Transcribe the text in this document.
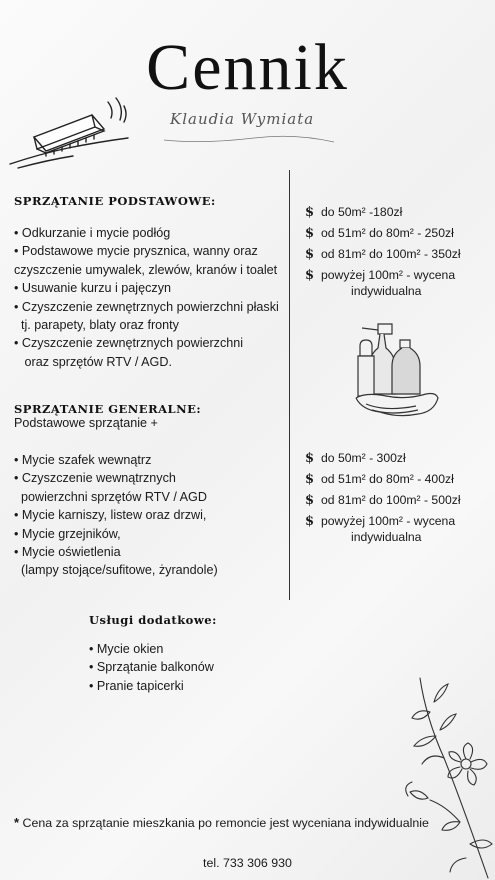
Cennik
Klaudia Wymiata
SPRZĄTANIE PODSTAWOWE:
• Odkurzanie i mycie podłóg
• Podstawowe mycie prysznica, wanny oraz
czyszczenie umywalek, zlewów, kranów i toalet
• Usuwanie kurzu i pajęczyn
• Czyszczenie zewnętrznych powierzchni płaski
tj. parapety, blaty oraz fronty
• Czyszczenie zewnętrznych powierzchni
oraz sprzętów RTV / AGD.
$ do 50m² -180zł
$ od 51m² do 80m² - 250zł
$ od 81m² do 100m² - 350zł
$ powyżej 100m² - wycena
indywidualna
SPRZĄTANIE GENERALNE:
Podstawowe sprzątanie +
• Mycie szafek wewnątrz
• Czyszczenie wewnątrznych
powierzchni sprzętów RTV / AGD
• Mycie karniszy, listew oraz drzwi,
• Mycie grzejników,
• Mycie oświetlenia
(lampy stojące/sufitowe, żyrandole)
$ do 50m² - 300zł
$ od 51m² do 80m² - 400zł
$ od 81m² do 100m² - 500zł
$ powyżej 100m² - wycena
indywidualna
Usługi dodatkowe:
• Mycie okien
• Sprzątanie balkonów
• Pranie tapicerki
* Cena za sprzątanie mieszkania po remoncie jest wyceniana indywidualnie
tel. 733 306 930
